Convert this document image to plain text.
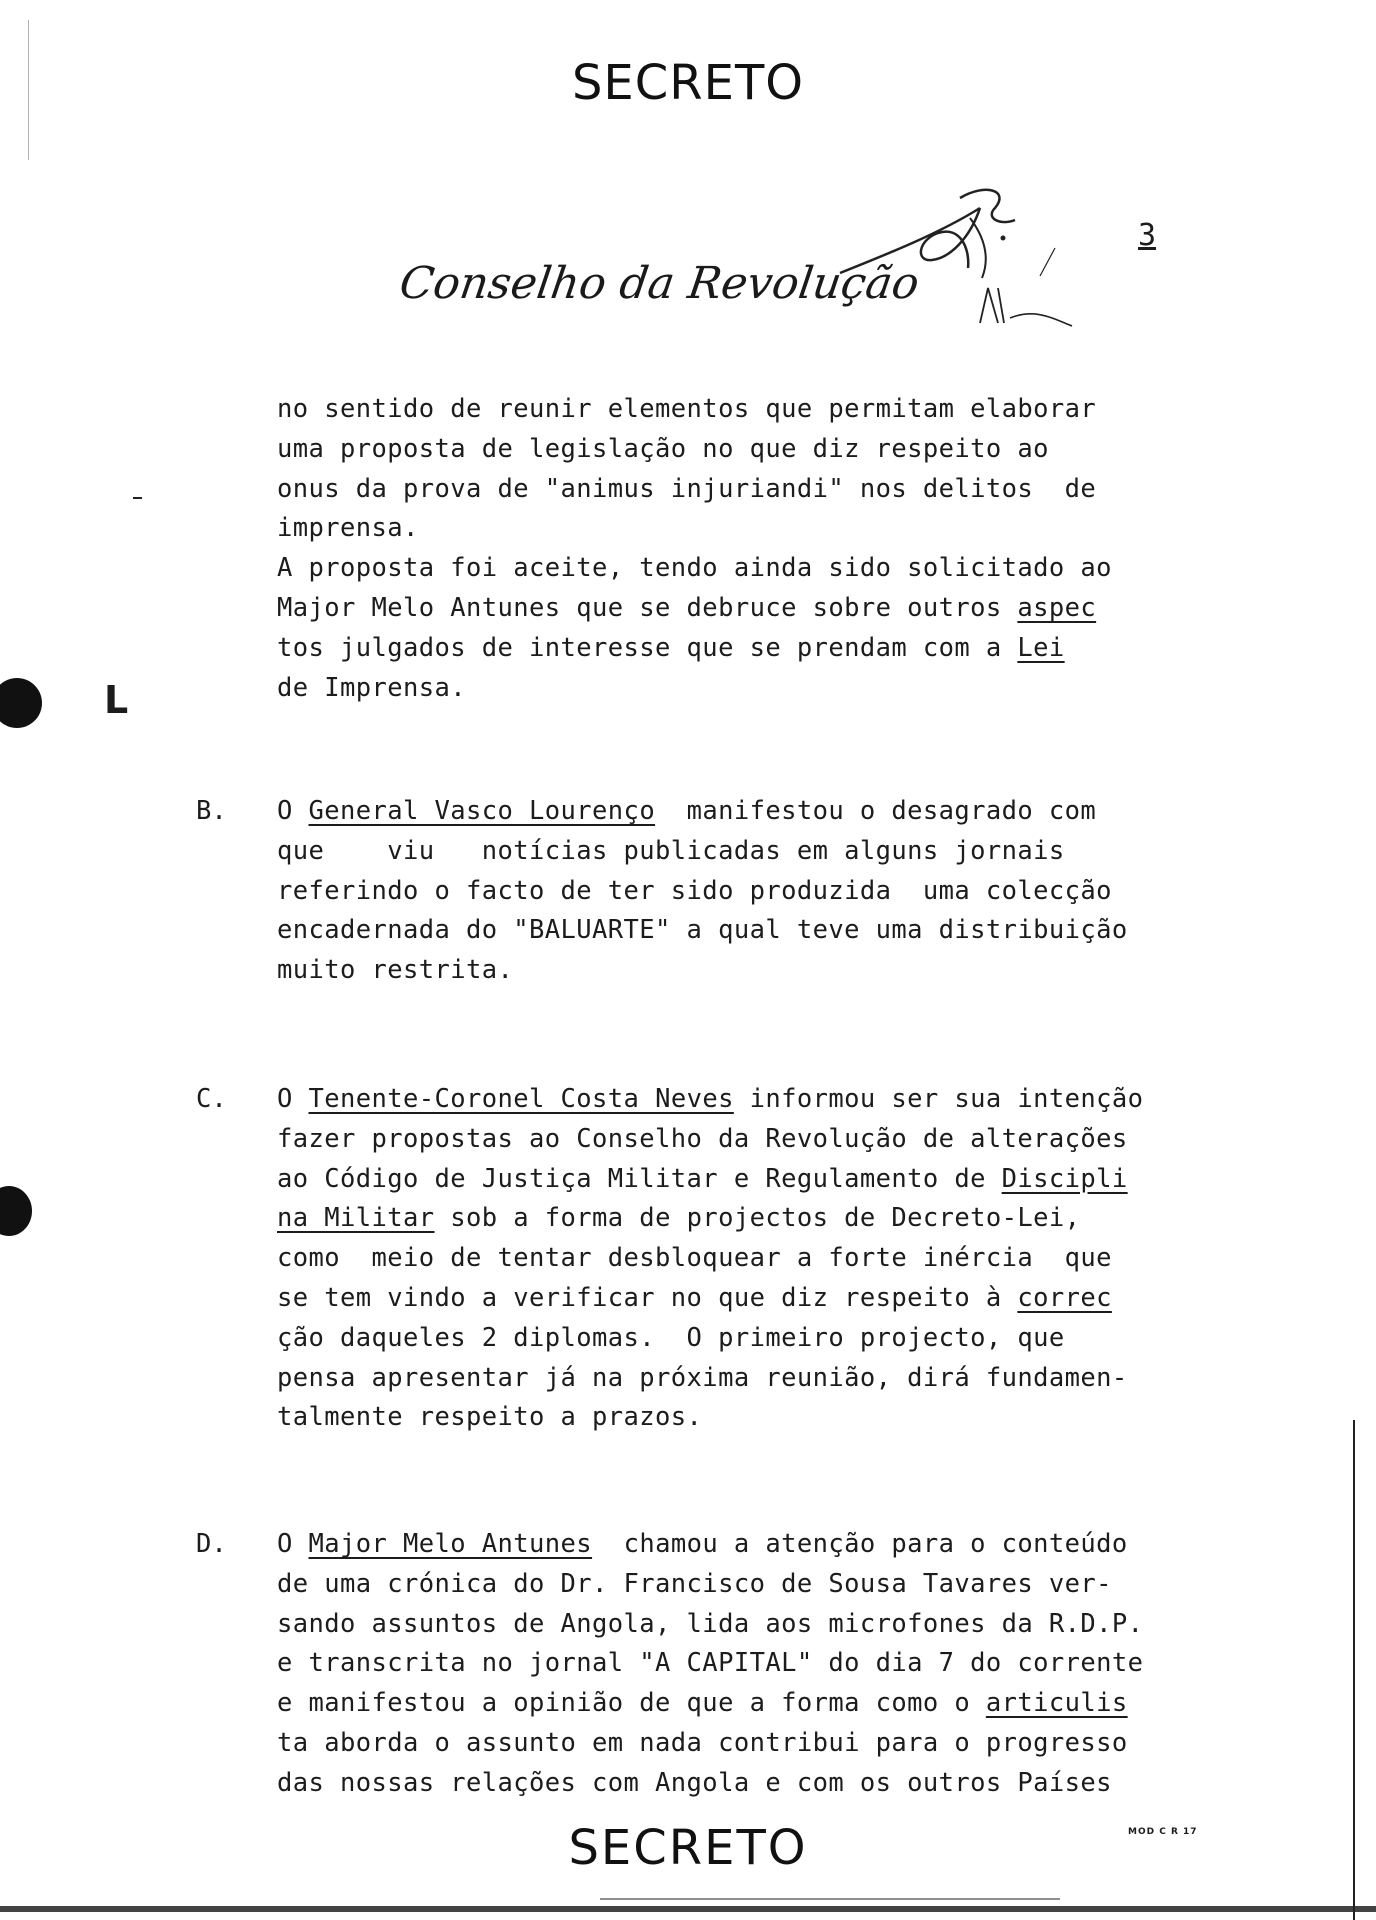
SECRETO
Conselho da Revolução
3
L
no sentido de reunir elementos que permitam elaborar
uma proposta de legislação no que diz respeito ao
onus da prova de "animus injuriandi" nos delitos  de
imprensa.
A proposta foi aceite, tendo ainda sido solicitado ao
Major Melo Antunes que se debruce sobre outros aspec
tos julgados de interesse que se prendam com a Lei
de Imprensa.
B. O General Vasco Lourenço  manifestou o desagrado com
que    viu   notícias publicadas em alguns jornais
referindo o facto de ter sido produzida  uma colecção
encadernada do "BALUARTE" a qual teve uma distribuição
muito restrita.
C. O Tenente-Coronel Costa Neves informou ser sua intenção
fazer propostas ao Conselho da Revolução de alterações
ao Código de Justiça Militar e Regulamento de Discipli
na Militar sob a forma de projectos de Decreto-Lei,
como  meio de tentar desbloquear a forte inércia  que
se tem vindo a verificar no que diz respeito à correc
ção daqueles 2 diplomas.  O primeiro projecto, que
pensa apresentar já na próxima reunião, dirá fundamen-
talmente respeito a prazos.
D. O Major Melo Antunes  chamou a atenção para o conteúdo
de uma crónica do Dr. Francisco de Sousa Tavares ver-
sando assuntos de Angola, lida aos microfones da R.D.P.
e transcrita no jornal "A CAPITAL" do dia 7 do corrente
e manifestou a opinião de que a forma como o articulis
ta aborda o assunto em nada contribui para o progresso
das nossas relações com Angola e com os outros Países
MOD C R 17
SECRETO
